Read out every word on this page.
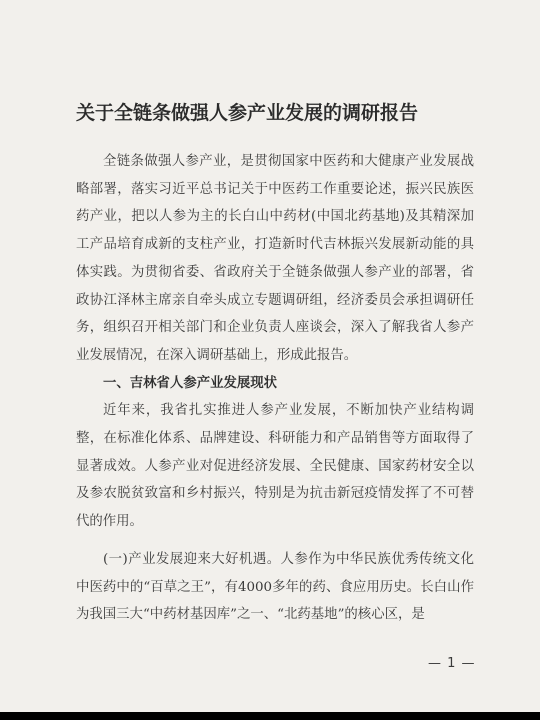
关于全链条做强人参产业发展的调研报告

全链条做强人参产业，是贯彻国家中医药和大健康产业发展战略部署，落实习近平总书记关于中医药工作重要论述，振兴民族医药产业，把以人参为主的长白山中药材(中国北药基地)及其精深加工产品培育成新的支柱产业，打造新时代吉林振兴发展新动能的具体实践。为贯彻省委、省政府关于全链条做强人参产业的部署，省政协江泽林主席亲自牵头成立专题调研组，经济委员会承担调研任务，组织召开相关部门和企业负责人座谈会，深入了解我省人参产业发展情况，在深入调研基础上，形成此报告。

一、吉林省人参产业发展现状

近年来，我省扎实推进人参产业发展，不断加快产业结构调整，在标准化体系、品牌建设、科研能力和产品销售等方面取得了显著成效。人参产业对促进经济发展、全民健康、国家药材安全以及参农脱贫致富和乡村振兴，特别是为抗击新冠疫情发挥了不可替代的作用。

(一)产业发展迎来大好机遇。人参作为中华民族优秀传统文化中医药中的“百草之王”，有4000多年的药、食应用历史。长白山作为我国三大“中药材基因库”之一、“北药基地”的核心区，是

— 1 —
